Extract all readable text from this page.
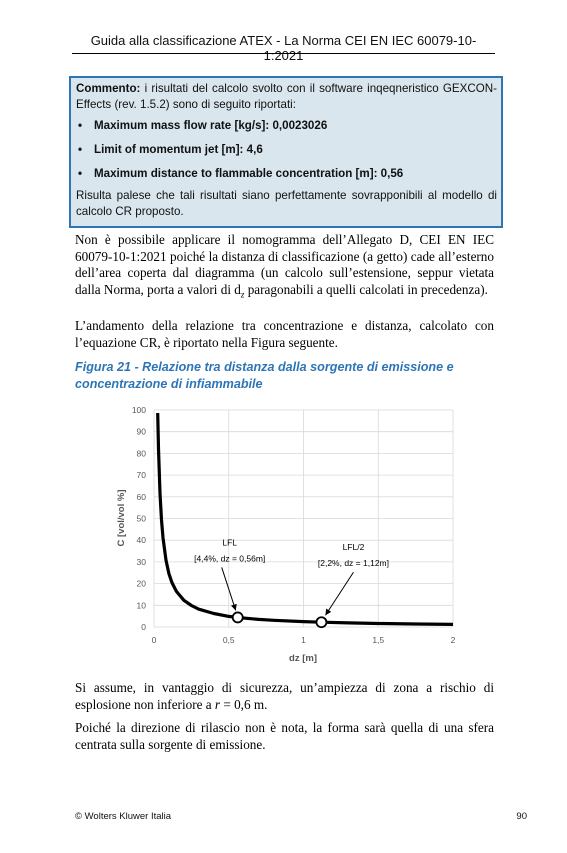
Guida alla classificazione ATEX - La Norma CEI EN IEC 60079-10-1:2021

Commento: i risultati del calcolo svolto con il software inqeqneristico GEXCON-Effects (rev. 1.5.2) sono di seguito riportati:

• Maximum mass flow rate [kg/s]: 0,0023026
• Limit of momentum jet [m]: 4,6
• Maximum distance to flammable concentration [m]: 0,56

Risulta palese che tali risultati siano perfettamente sovrapponibili al modello di calcolo CR proposto.

Non è possibile applicare il nomogramma dell’Allegato D, CEI EN IEC 60079-10-1:2021 poiché la distanza di classificazione (a getto) cade all’esterno dell’area coperta dal diagramma (un calcolo sull’estensione, seppur vietata dalla Norma, porta a valori di $d_z$ paragonabili a quelli calcolati in precedenza).

L’andamento della relazione tra concentrazione e distanza, calcolato con l’equazione CR, è riportato nella Figura seguente.

Figura 21 - Relazione tra distanza dalla sorgente di emissione e concentrazione di infiammabile

0
10
20
30
40
50
60
70
80
90
100
0	0,5	1	1,5	2
LFL
[4,4%, dz = 0,56m]
LFL/2
[2,2%, dz = 1,12m]
dz [m]
C [vol/vol %]

Si assume, in vantaggio di sicurezza, un’ampiezza di zona a rischio di esplosione non inferiore a r = 0,6 m.

Poiché la direzione di rilascio non è nota, la forma sarà quella di una sfera centrata sulla sorgente di emissione.

© Wolters Kluwer Italia	90
